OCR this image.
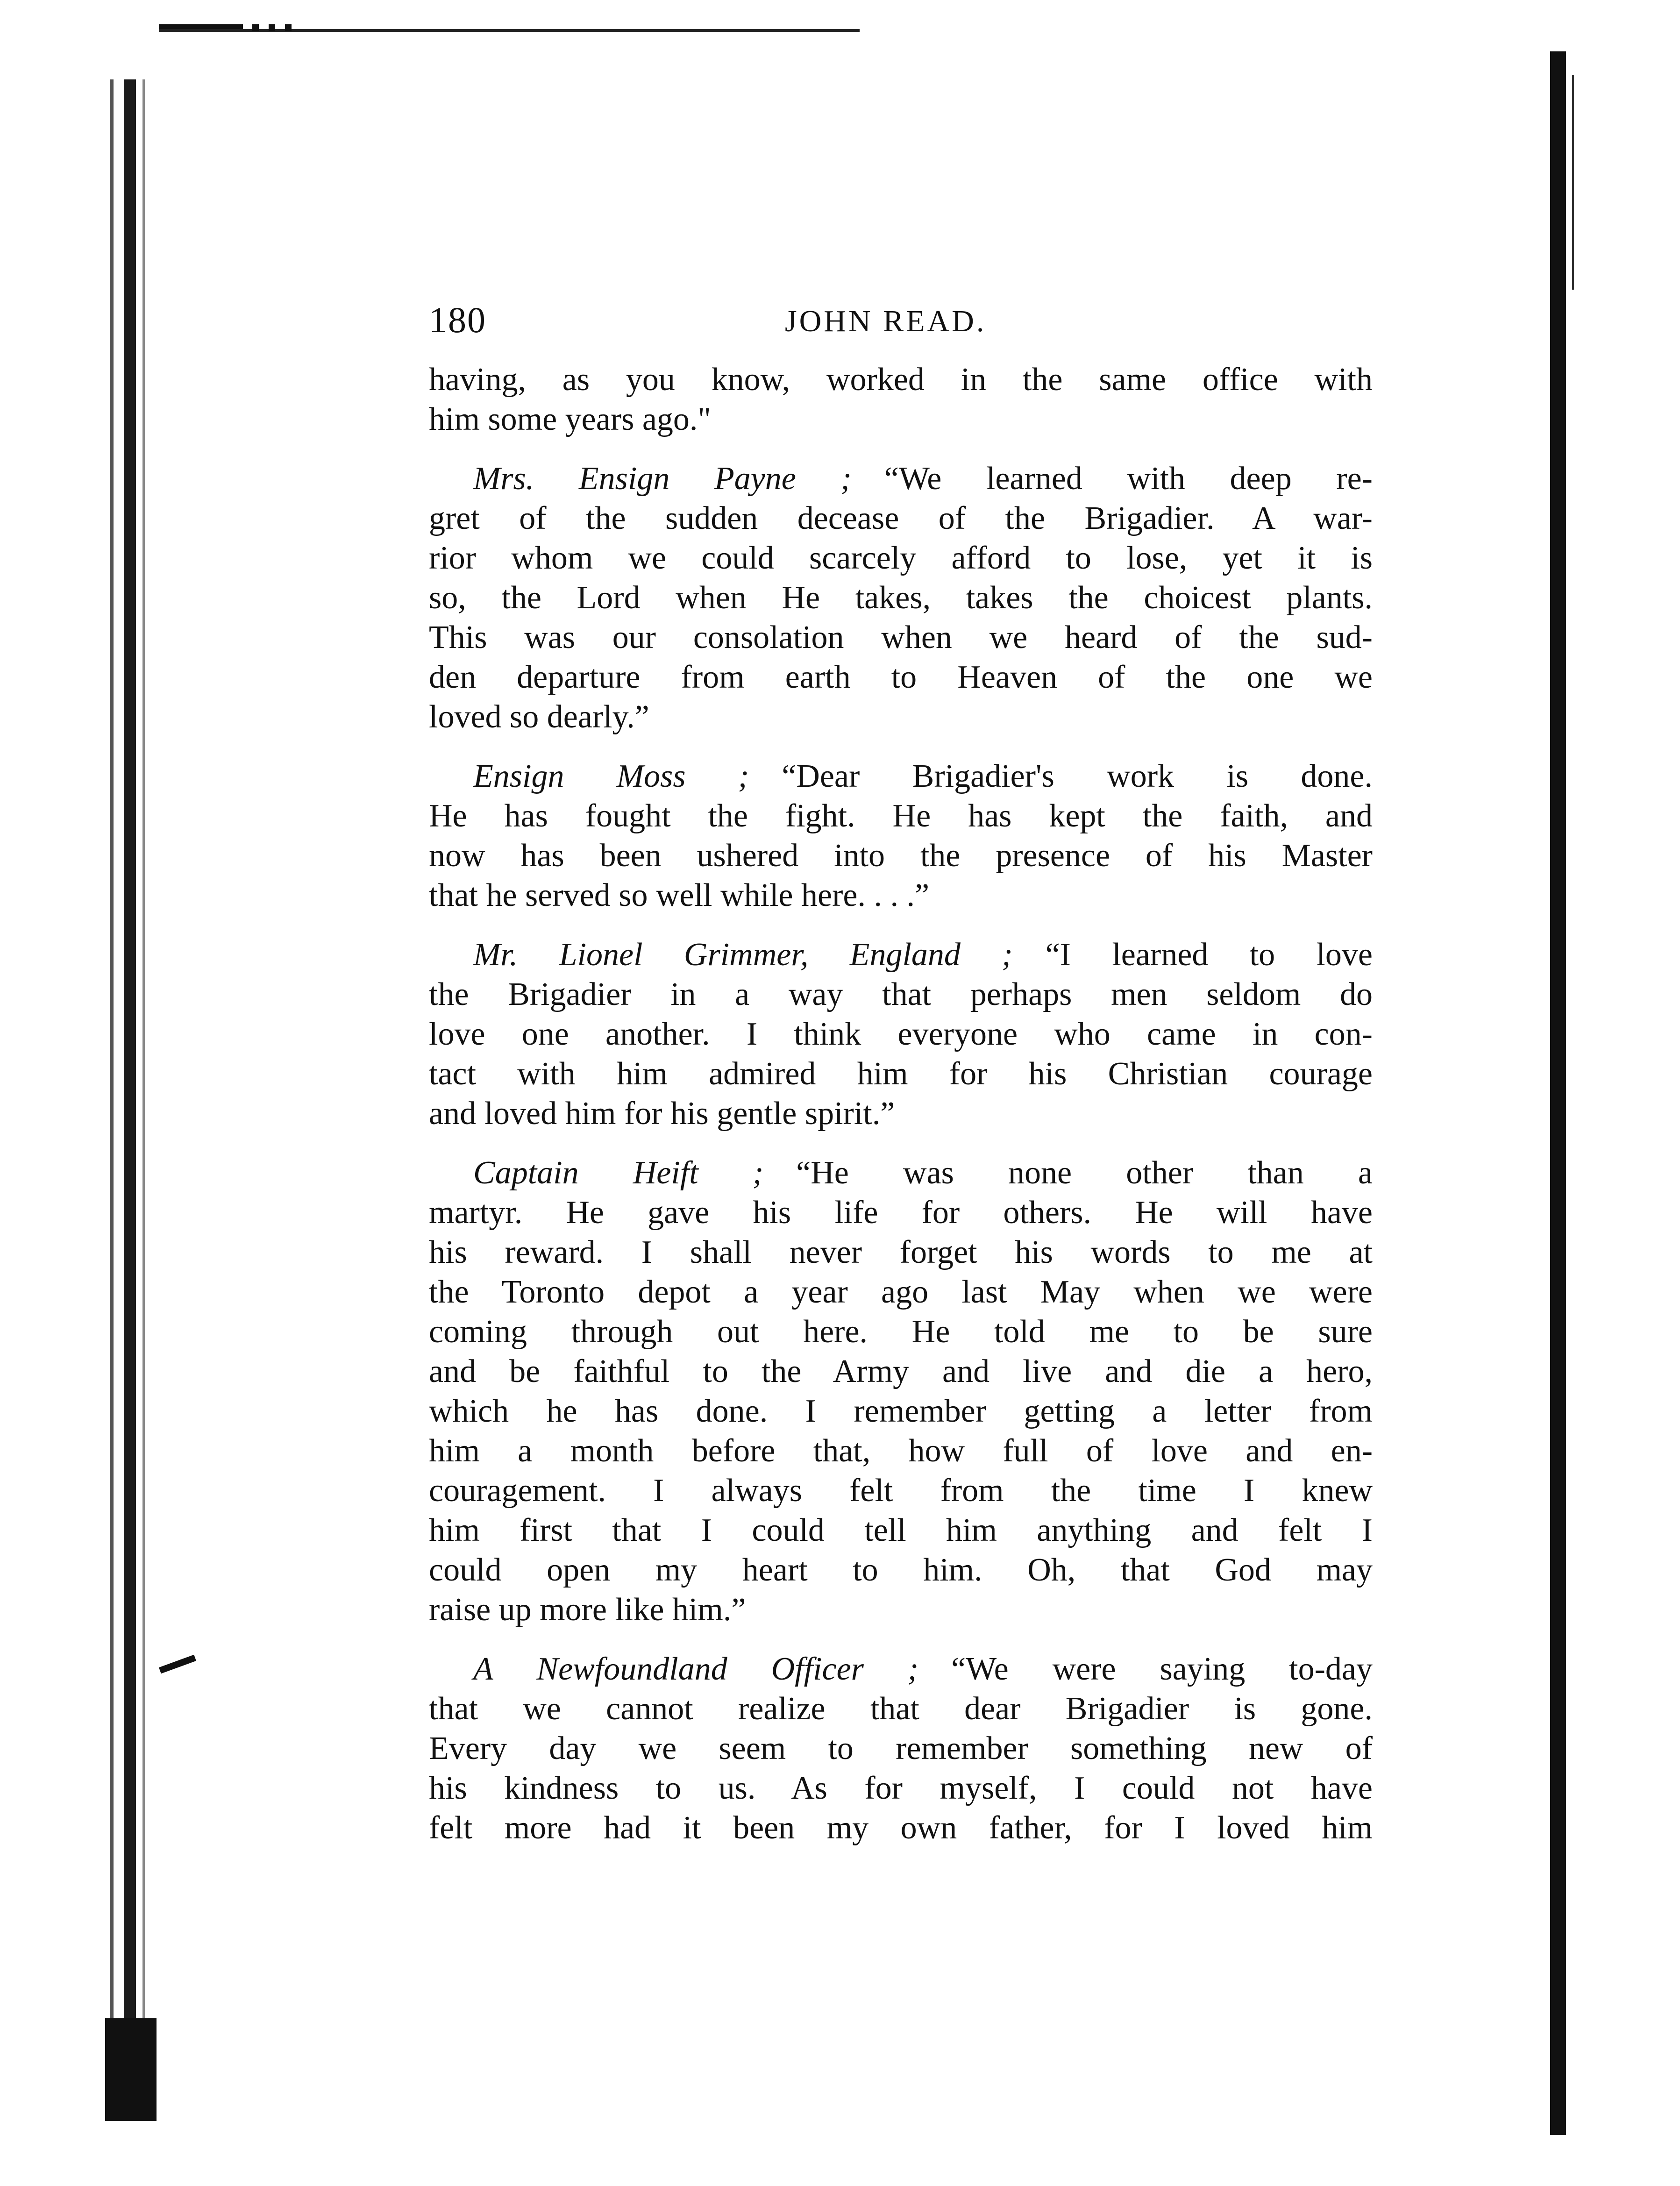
180	JOHN READ.
having, as you know, worked in the same office with
him some years ago."
Mrs. Ensign Payne ;  “We learned with deep re-
gret of the sudden decease of the Brigadier. A war-
rior whom we could scarcely afford to lose, yet it is
so, the Lord when He takes, takes the choicest plants.
This was our consolation when we heard of the sud-
den departure from earth to Heaven of the one we
loved so dearly.”
Ensign Moss ;  “Dear Brigadier's work is done.
He has fought the fight. He has kept the faith, and
now has been ushered into the presence of his Master
that he served so well while here. . . .”
Mr. Lionel Grimmer, England ;  “I learned to love
the Brigadier in a way that perhaps men seldom do
love one another. I think everyone who came in con-
tact with him admired him for his Christian courage
and loved him for his gentle spirit.”
Captain Heift ;  “He was none other than a
martyr. He gave his life for others. He will have
his reward. I shall never forget his words to me at
the Toronto depot a year ago last May when we were
coming through out here. He told me to be sure
and be faithful to the Army and live and die a hero,
which he has done. I remember getting a letter from
him a month before that, how full of love and en-
couragement. I always felt from the time I knew
him first that I could tell him anything and felt I
could open my heart to him. Oh, that God may
raise up more like him.”
A Newfoundland Officer ;  “We were saying to-day
that we cannot realize that dear Brigadier is gone.
Every day we seem to remember something new of
his kindness to us. As for myself, I could not have
felt more had it been my own father, for I loved him
